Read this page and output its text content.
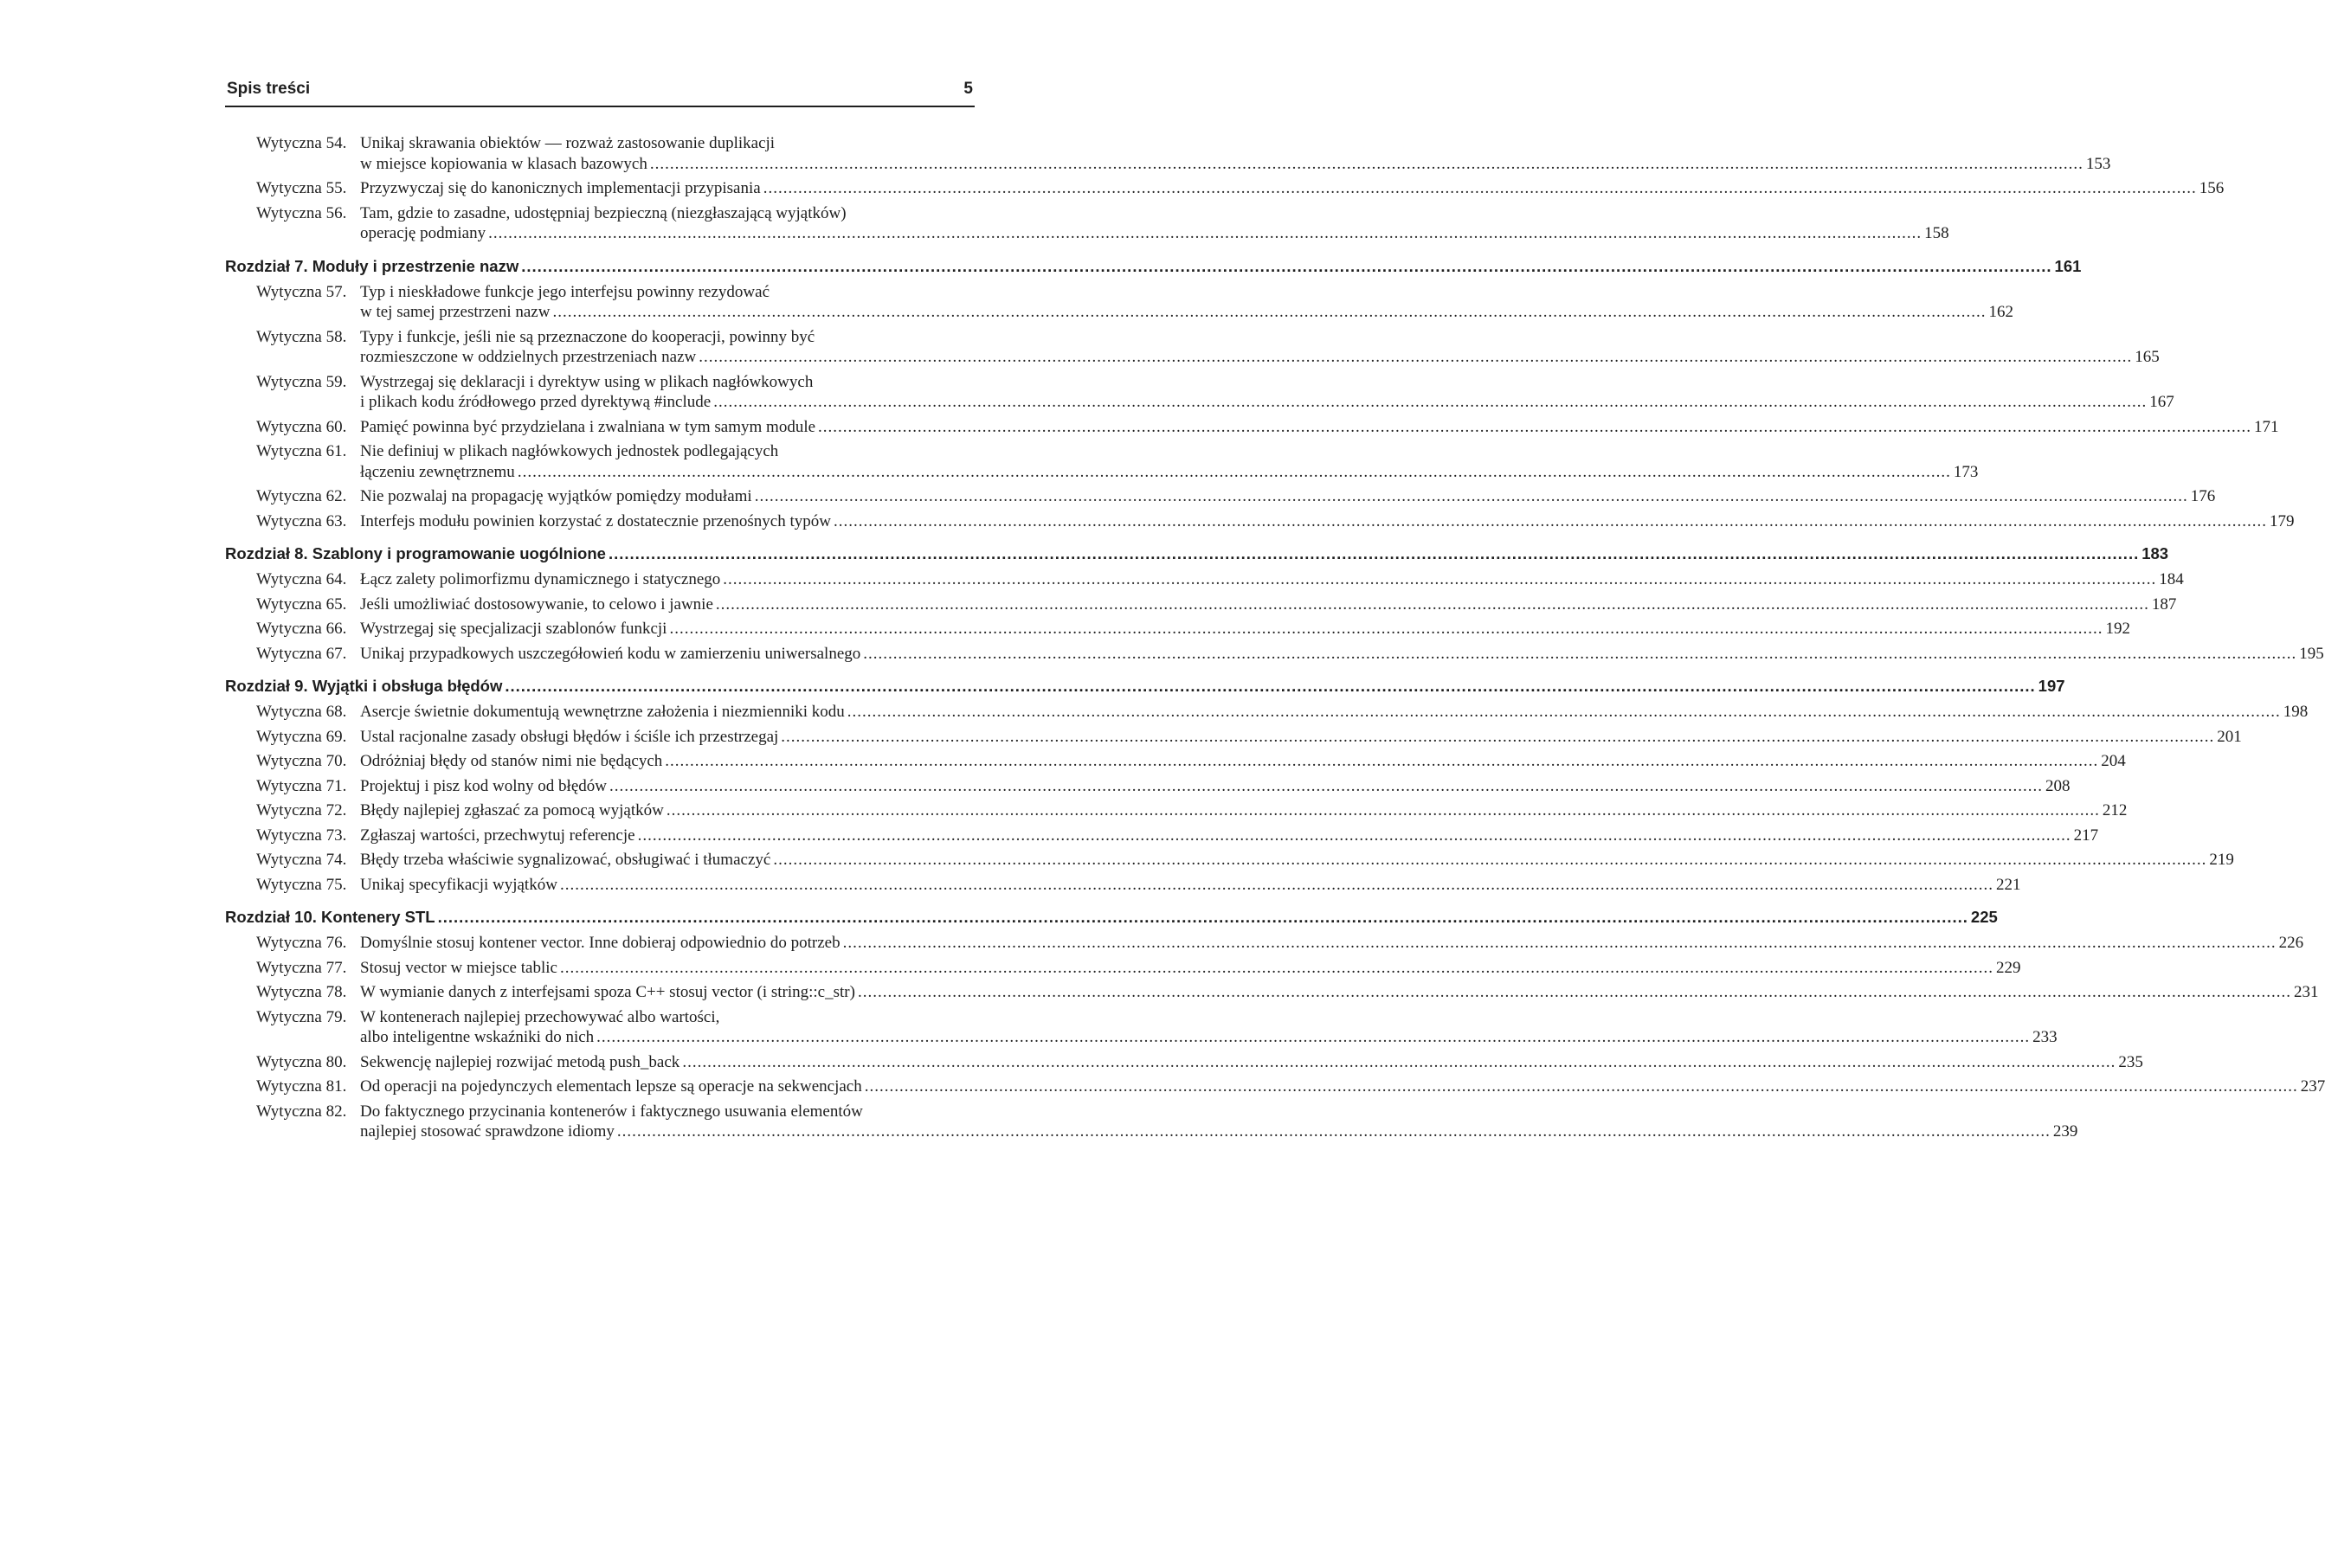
Spis treści	5
Wytyczna 54. Unikaj skrawania obiektów — rozważ zastosowanie duplikacji
w miejsce kopiowania w klasach bazowych .....	153
Wytyczna 55. Przyzwyczaj się do kanonicznych implementacji przypisania .....	156
Wytyczna 56. Tam, gdzie to zasadne, udostępniaj bezpieczną (niezgłaszającą wyjątków)
operację podmiany .....	158
Rozdział 7. Moduły i przestrzenie nazw .....	161
Wytyczna 57. Typ i nieskładowe funkcje jego interfejsu powinny rezydować
w tej samej przestrzeni nazw .....	162
Wytyczna 58. Typy i funkcje, jeśli nie są przeznaczone do kooperacji, powinny być
rozmieszczone w oddzielnych przestrzeniach nazw .....	165
Wytyczna 59. Wystrzegaj się deklaracji i dyrektyw using w plikach nagłówkowych
i plikach kodu źródłowego przed dyrektywą #include .....	167
Wytyczna 60. Pamięć powinna być przydzielana i zwalniana w tym samym module .....	171
Wytyczna 61. Nie definiuj w plikach nagłówkowych jednostek podlegających
łączeniu zewnętrznemu .....	173
Wytyczna 62. Nie pozwalaj na propagację wyjątków pomiędzy modułami .....	176
Wytyczna 63. Interfejs modułu powinien korzystać z dostatecznie przenośnych typów .....	179
Rozdział 8. Szablony i programowanie uogólnione .....	183
Wytyczna 64. Łącz zalety polimorfizmu dynamicznego i statycznego .....	184
Wytyczna 65. Jeśli umożliwiać dostosowywanie, to celowo i jawnie .....	187
Wytyczna 66. Wystrzegaj się specjalizacji szablonów funkcji .....	192
Wytyczna 67. Unikaj przypadkowych uszczegółowień kodu w zamierzeniu uniwersalnego .....	195
Rozdział 9. Wyjątki i obsługa błędów .....	197
Wytyczna 68. Asercje świetnie dokumentują wewnętrzne założenia i niezmienniki kodu .....	198
Wytyczna 69. Ustal racjonalne zasady obsługi błędów i ściśle ich przestrzegaj .....	201
Wytyczna 70. Odróżniaj błędy od stanów nimi nie będących .....	204
Wytyczna 71. Projektuj i pisz kod wolny od błędów .....	208
Wytyczna 72. Błędy najlepiej zgłaszać za pomocą wyjątków .....	212
Wytyczna 73. Zgłaszaj wartości, przechwytuj referencje .....	217
Wytyczna 74. Błędy trzeba właściwie sygnalizować, obsługiwać i tłumaczyć .....	219
Wytyczna 75. Unikaj specyfikacji wyjątków .....	221
Rozdział 10. Kontenery STL .....	225
Wytyczna 76. Domyślnie stosuj kontener vector. Inne dobieraj odpowiednio do potrzeb .....	226
Wytyczna 77. Stosuj vector w miejsce tablic .....	229
Wytyczna 78. W wymianie danych z interfejsami spoza C++ stosuj vector (i string::c_str) .....	231
Wytyczna 79. W kontenerach najlepiej przechowywać albo wartości,
albo inteligentne wskaźniki do nich .....	233
Wytyczna 80. Sekwencję najlepiej rozwijać metodą push_back .....	235
Wytyczna 81. Od operacji na pojedynczych elementach lepsze są operacje na sekwencjach .....	237
Wytyczna 82. Do faktycznego przycinania kontenerów i faktycznego usuwania elementów
najlepiej stosować sprawdzone idiomy .....	239
